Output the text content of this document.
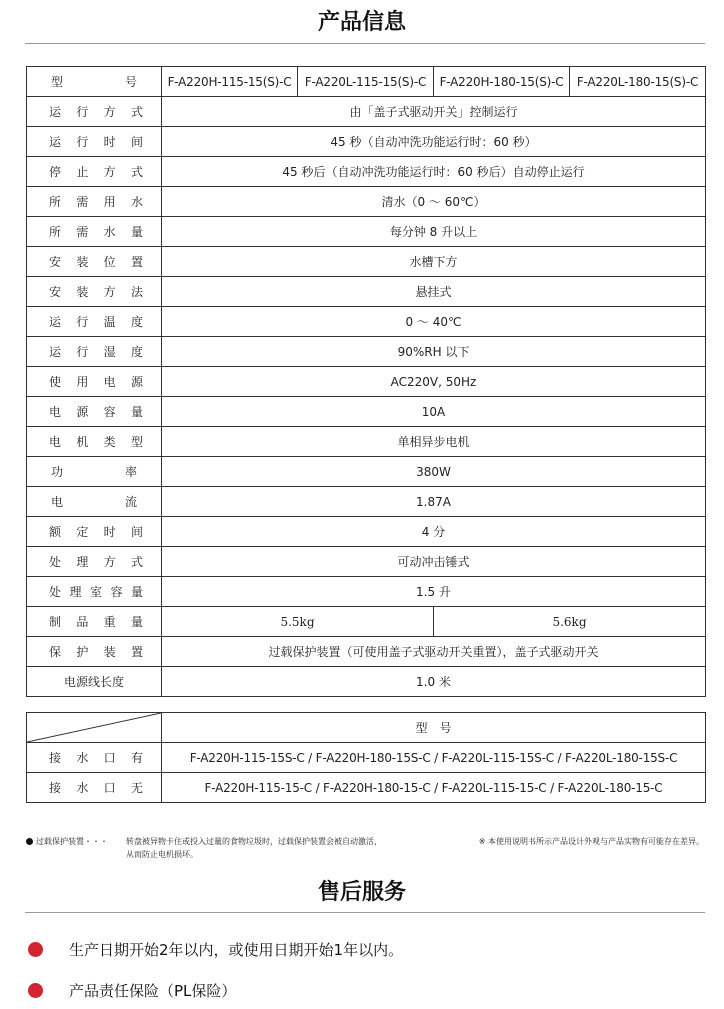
产品信息
型　号	F-A220H-115-15(S)-C	F-A220L-115-15(S)-C	F-A220H-180-15(S)-C	F-A220L-180-15(S)-C

运行方式	由「盖子式驱动开关」控制运行			

运行时间	45 秒（自动冲洗功能运行时：60 秒）			

停止方式	45 秒后（自动冲洗功能运行时：60 秒后）自动停止运行			

所需用水	清水（0 ～ 60℃）			

所需水量	每分钟 8 升以上			

安装位置	水槽下方			

安装方法	悬挂式			

运行温度	0 ～ 40℃			

运行湿度	90%RH 以下			

使用电源	AC220V, 50Hz			

电源容量	10A			

电机类型	单相异步电机			

功　率	380W			

电　流	1.87A			

额定时间	4 分			

处理方式	可动冲击锤式			

处理室容量	1.5 升			

制品重量	5.5kg		5.6kg	

保护装置	过载保护装置（可使用盖子式驱动开关重置），盖子式驱动开关			

电源线长度	1.0 米			
	型　号

接水口有	F-A220H-115-15S-C / F-A220H-180-15S-C / F-A220L-115-15S-C / F-A220L-180-15S-C

接水口无	F-A220H-115-15-C / F-A220H-180-15-C / F-A220L-115-15-C / F-A220L-180-15-C
过载保护装置・・・ 转盘被异物卡住或投入过量的食物垃圾时，过载保护装置会被自动激活，
从而防止电机损坏。
※ 本使用说明书所示产品设计外观与产品实物有可能存在差异。
售后服务
生产日期开始2年以内，或使用日期开始1年以内。
产品责任保险（PL保险）
